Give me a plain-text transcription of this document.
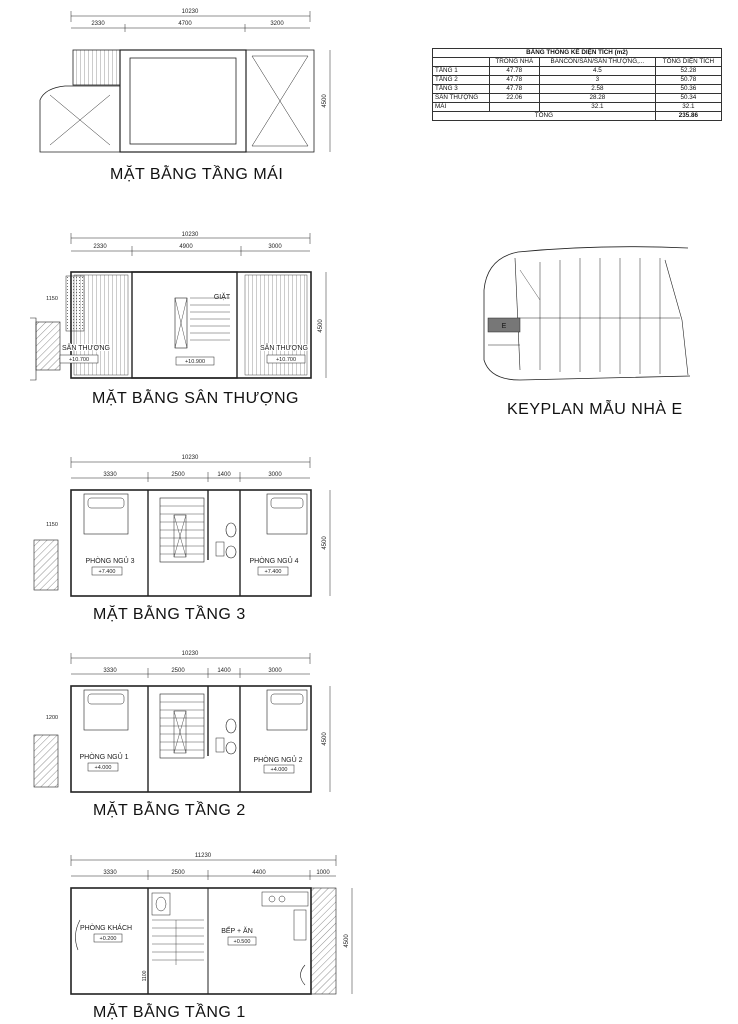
10230
2330	4700	3200
4500
10230
2330	4900	3000
4500
1150	GIẶT
SÂN THƯỢNG	SÂN THƯỢNG
+10.700	+10.900	+10.700
E
10230
3330	2500	1400	3000
4500
1150
PHÒNG NGỦ 3	PHÒNG NGỦ 4
+7.400	+7.400
10230
3330	2500	1400	3000
4500
1200
PHÒNG NGỦ 1	PHÒNG NGỦ 2
+4.000	+4.000
11230
3330	2500	4400	1000
4500
PHÒNG KHÁCH	BẾP + ĂN
+0.200	+0.500
1100
MẶT BẰNG TẦNG MÁI
MẶT BẰNG SÂN THƯỢNG
KEYPLAN MẪU NHÀ E
MẶT BẰNG TẦNG 3
MẶT BẰNG TẦNG 2
MẶT BẰNG TẦNG 1
BẢNG THỐNG KÊ DIỆN TÍCH (m2)			
	TRONG NHÀ	BANCON/SÂN/SÂN THƯỢNG,...	TỔNG DIỆN TÍCH
TẦNG 1	47.78	4.5	52.28
TẦNG 2	47.78	3	50.78
TẦNG 3	47.78	2.58	50.36
SÂN THƯỢNG	22.06	28.28	50.34
MÁI		32.1	32.1
TỔNG			235.86
